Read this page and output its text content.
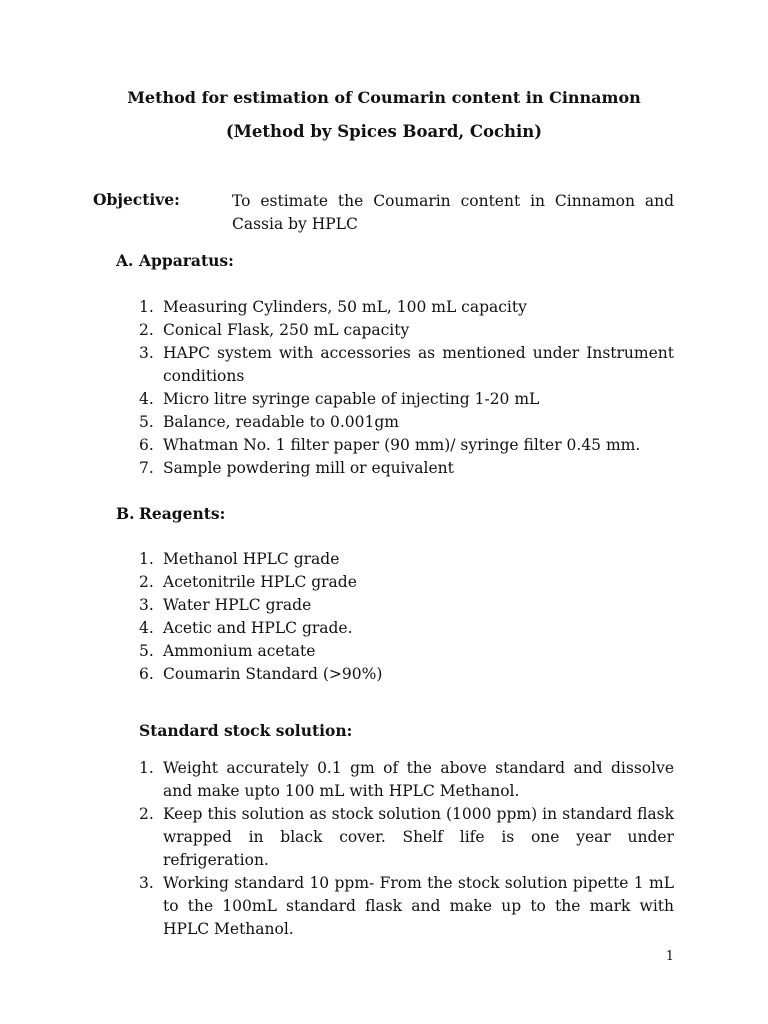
Method for estimation of Coumarin content in Cinnamon
(Method by Spices Board, Cochin)
Objective:	To estimate the Coumarin content in Cinnamon and Cassia by HPLC
A. Apparatus:
1. Measuring Cylinders, 50 mL, 100 mL capacity
2. Conical Flask, 250 mL capacity
3. HAPC system with accessories as mentioned under Instrument conditions
4. Micro litre syringe capable of injecting 1-20 mL
5. Balance, readable to 0.001gm
6. Whatman No. 1 filter paper (90 mm)/ syringe filter 0.45 mm.
7. Sample powdering mill or equivalent
B. Reagents:
1. Methanol HPLC grade
2. Acetonitrile HPLC grade
3. Water HPLC grade
4. Acetic and HPLC grade.
5. Ammonium acetate
6. Coumarin Standard (>90%)
Standard stock solution:
1. Weight accurately 0.1 gm of the above standard and dissolve and make upto 100 mL with HPLC Methanol.
2. Keep this solution as stock solution (1000 ppm) in standard flask wrapped in black cover. Shelf life is one year under refrigeration.
3. Working standard 10 ppm- From the stock solution pipette 1 mL to the 100mL standard flask and make up to the mark with HPLC Methanol.
1
